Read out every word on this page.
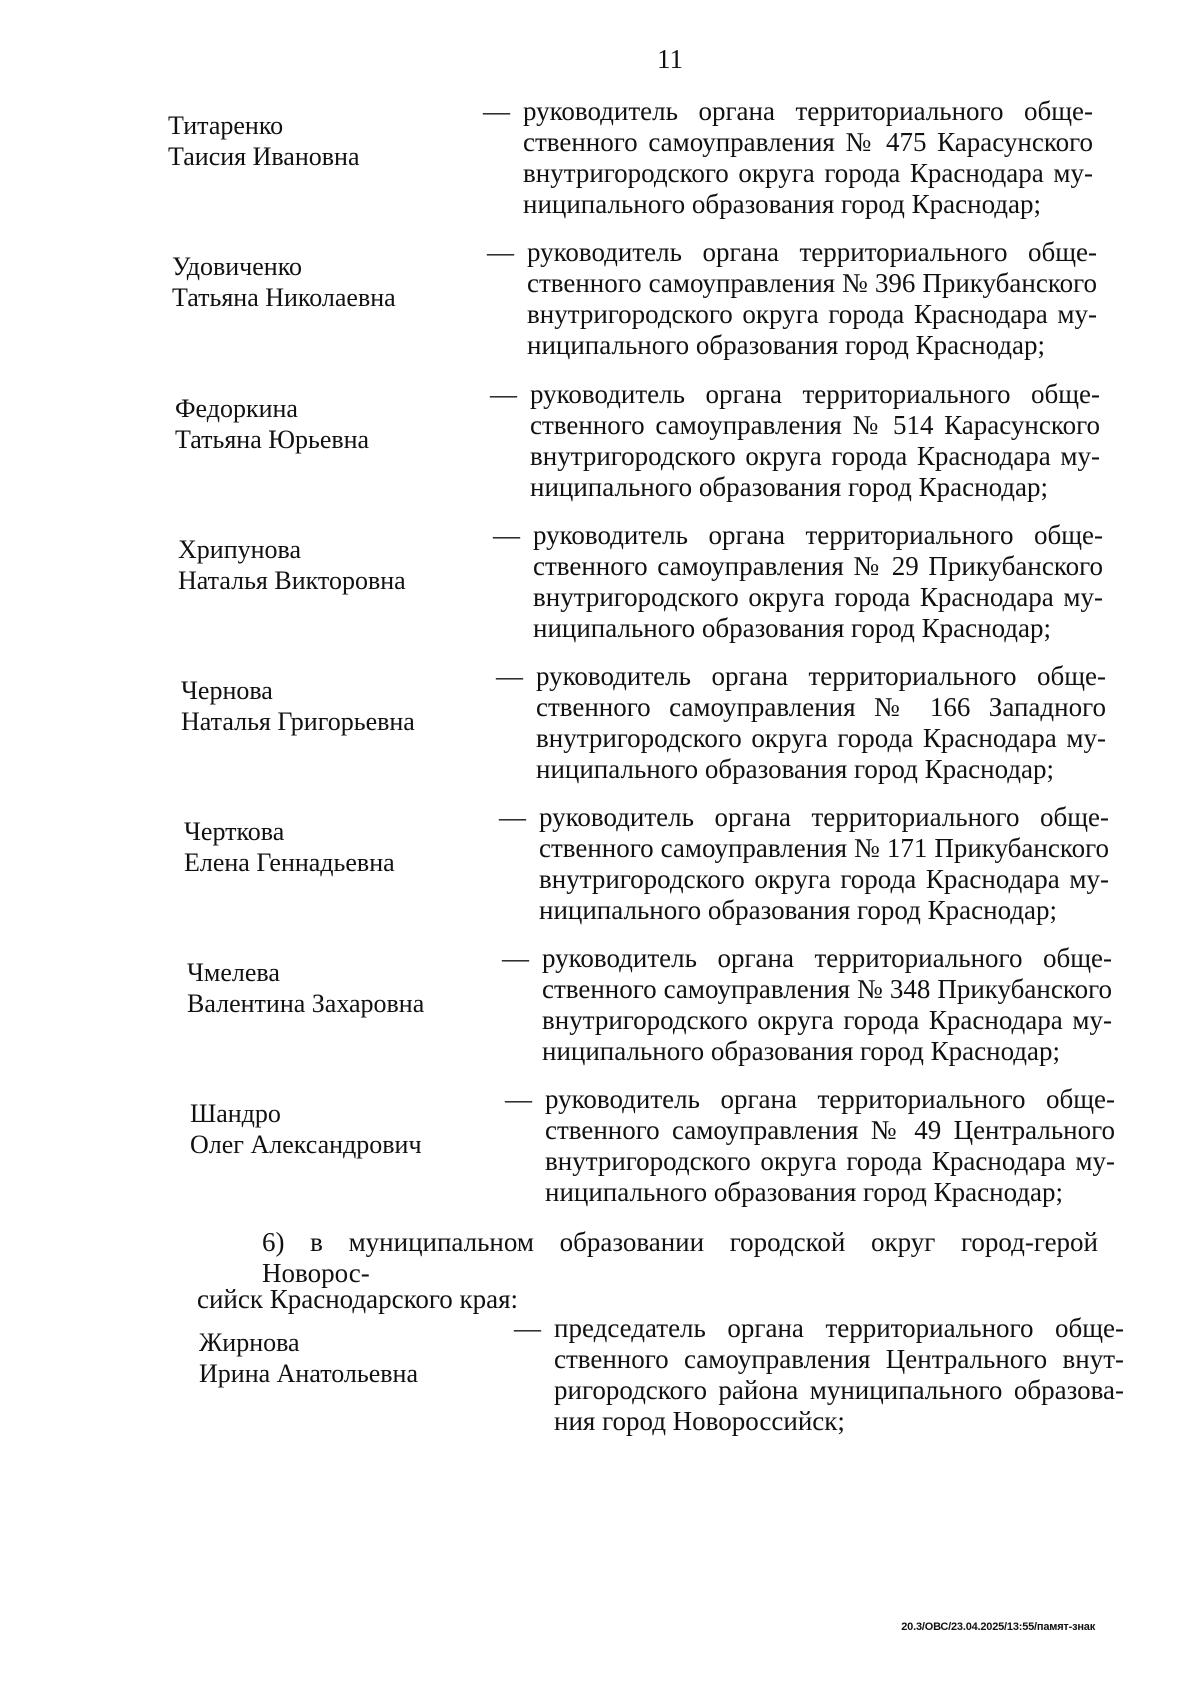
11
Титаренко
Таисия Ивановна
— руководитель органа территориального обще-
ственного самоуправления № 475 Карасунского
внутригородского округа города Краснодара му-
ниципального образования город Краснодар;
Удовиченко
Татьяна Николаевна
— руководитель органа территориального обще-
ственного самоуправления № 396 Прикубанского
внутригородского округа города Краснодара му-
ниципального образования город Краснодар;
Федоркина
Татьяна Юрьевна
— руководитель органа территориального обще-
ственного самоуправления № 514 Карасунского
внутригородского округа города Краснодара му-
ниципального образования город Краснодар;
Хрипунова
Наталья Викторовна
— руководитель органа территориального обще-
ственного самоуправления № 29 Прикубанского
внутригородского округа города Краснодара му-
ниципального образования город Краснодар;
Чернова
Наталья Григорьевна
— руководитель органа территориального обще-
ственного самоуправления № 166 Западного
внутригородского округа города Краснодара му-
ниципального образования город Краснодар;
Черткова
Елена Геннадьевна
— руководитель органа территориального обще-
ственного самоуправления № 171 Прикубанского
внутригородского округа города Краснодара му-
ниципального образования город Краснодар;
Чмелева
Валентина Захаровна
— руководитель органа территориального обще-
ственного самоуправления № 348 Прикубанского
внутригородского округа города Краснодара му-
ниципального образования город Краснодар;
Шандро
Олег Александрович
— руководитель органа территориального обще-
ственного самоуправления № 49 Центрального
внутригородского округа города Краснодара му-
ниципального образования город Краснодар;
6) в муниципальном образовании городской округ город-герой Новорос-
сийск Краснодарского края:
Жирнова
Ирина Анатольевна
— председатель органа территориального обще-
ственного самоуправления Центрального внут-
ригородского района муниципального образова-
ния город Новороссийск;
20.3/ОВС/23.04.2025/13:55/памят-знак
